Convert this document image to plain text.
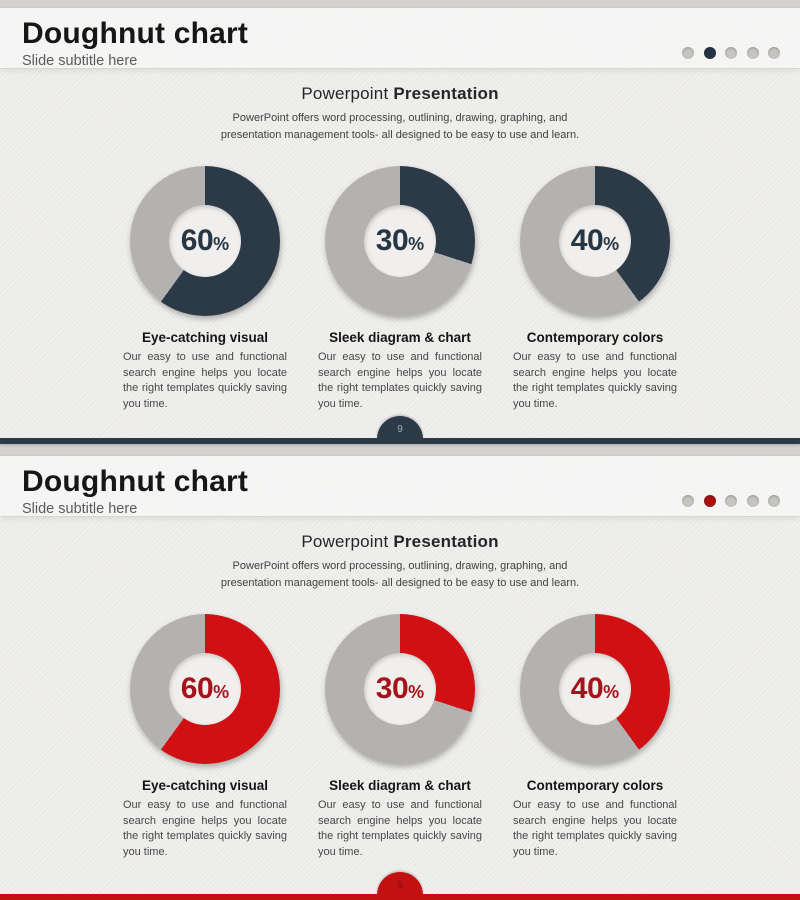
Doughnut chart

Slide subtitle here

Powerpoint Presentation

PowerPoint offers word processing, outlining, drawing, graphing, and presentation management tools- all designed to be easy to use and learn.

60%
Eye-catching visual

Our easy to use and functional search engine helps you locate the right templates quickly saving you time.

30%
Sleek diagram & chart

Our easy to use and functional search engine helps you locate the right templates quickly saving you time.

40%
Contemporary colors

Our easy to use and functional search engine helps you locate the right templates quickly saving you time.

9
Doughnut chart

Slide subtitle here

Powerpoint Presentation

PowerPoint offers word processing, outlining, drawing, graphing, and presentation management tools- all designed to be easy to use and learn.

60%
Eye-catching visual

Our easy to use and functional search engine helps you locate the right templates quickly saving you time.

30%
Sleek diagram & chart

Our easy to use and functional search engine helps you locate the right templates quickly saving you time.

40%
Contemporary colors

Our easy to use and functional search engine helps you locate the right templates quickly saving you time.

9
